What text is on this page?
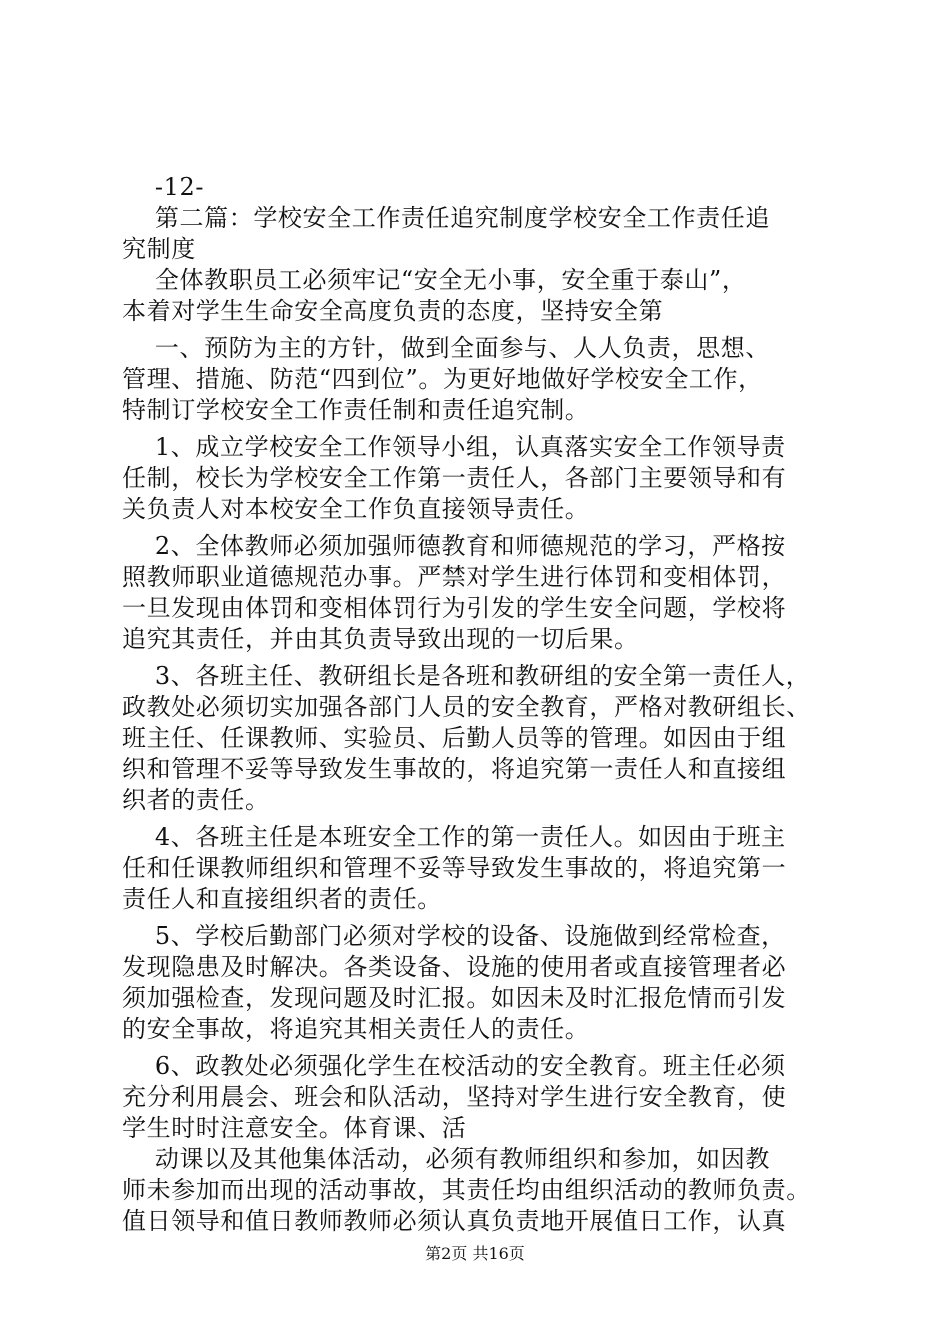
-12-
第二篇：学校安全工作责任追究制度学校安全工作责任追
究制度
全体教职员工必须牢记“安全无小事，安全重于泰山”，
本着对学生生命安全高度负责的态度，坚持安全第
一、预防为主的方针，做到全面参与、人人负责，思想、
管理、措施、防范“四到位”。为更好地做好学校安全工作，
特制订学校安全工作责任制和责任追究制。
1、成立学校安全工作领导小组，认真落实安全工作领导责
任制，校长为学校安全工作第一责任人，各部门主要领导和有
关负责人对本校安全工作负直接领导责任。
2、全体教师必须加强师德教育和师德规范的学习，严格按
照教师职业道德规范办事。严禁对学生进行体罚和变相体罚，
一旦发现由体罚和变相体罚行为引发的学生安全问题，学校将
追究其责任，并由其负责导致出现的一切后果。
3、各班主任、教研组长是各班和教研组的安全第一责任人，
政教处必须切实加强各部门人员的安全教育，严格对教研组长、
班主任、任课教师、实验员、后勤人员等的管理。如因由于组
织和管理不妥等导致发生事故的，将追究第一责任人和直接组
织者的责任。
4、各班主任是本班安全工作的第一责任人。如因由于班主
任和任课教师组织和管理不妥等导致发生事故的，将追究第一
责任人和直接组织者的责任。
5、学校后勤部门必须对学校的设备、设施做到经常检查，
发现隐患及时解决。各类设备、设施的使用者或直接管理者必
须加强检查，发现问题及时汇报。如因未及时汇报危情而引发
的安全事故，将追究其相关责任人的责任。
6、政教处必须强化学生在校活动的安全教育。班主任必须
充分利用晨会、班会和队活动，坚持对学生进行安全教育，使
学生时时注意安全。体育课、活
动课以及其他集体活动，必须有教师组织和参加，如因教
师未参加而出现的活动事故，其责任均由组织活动的教师负责。
值日领导和值日教师教师必须认真负责地开展值日工作，认真
第2页 共16页
